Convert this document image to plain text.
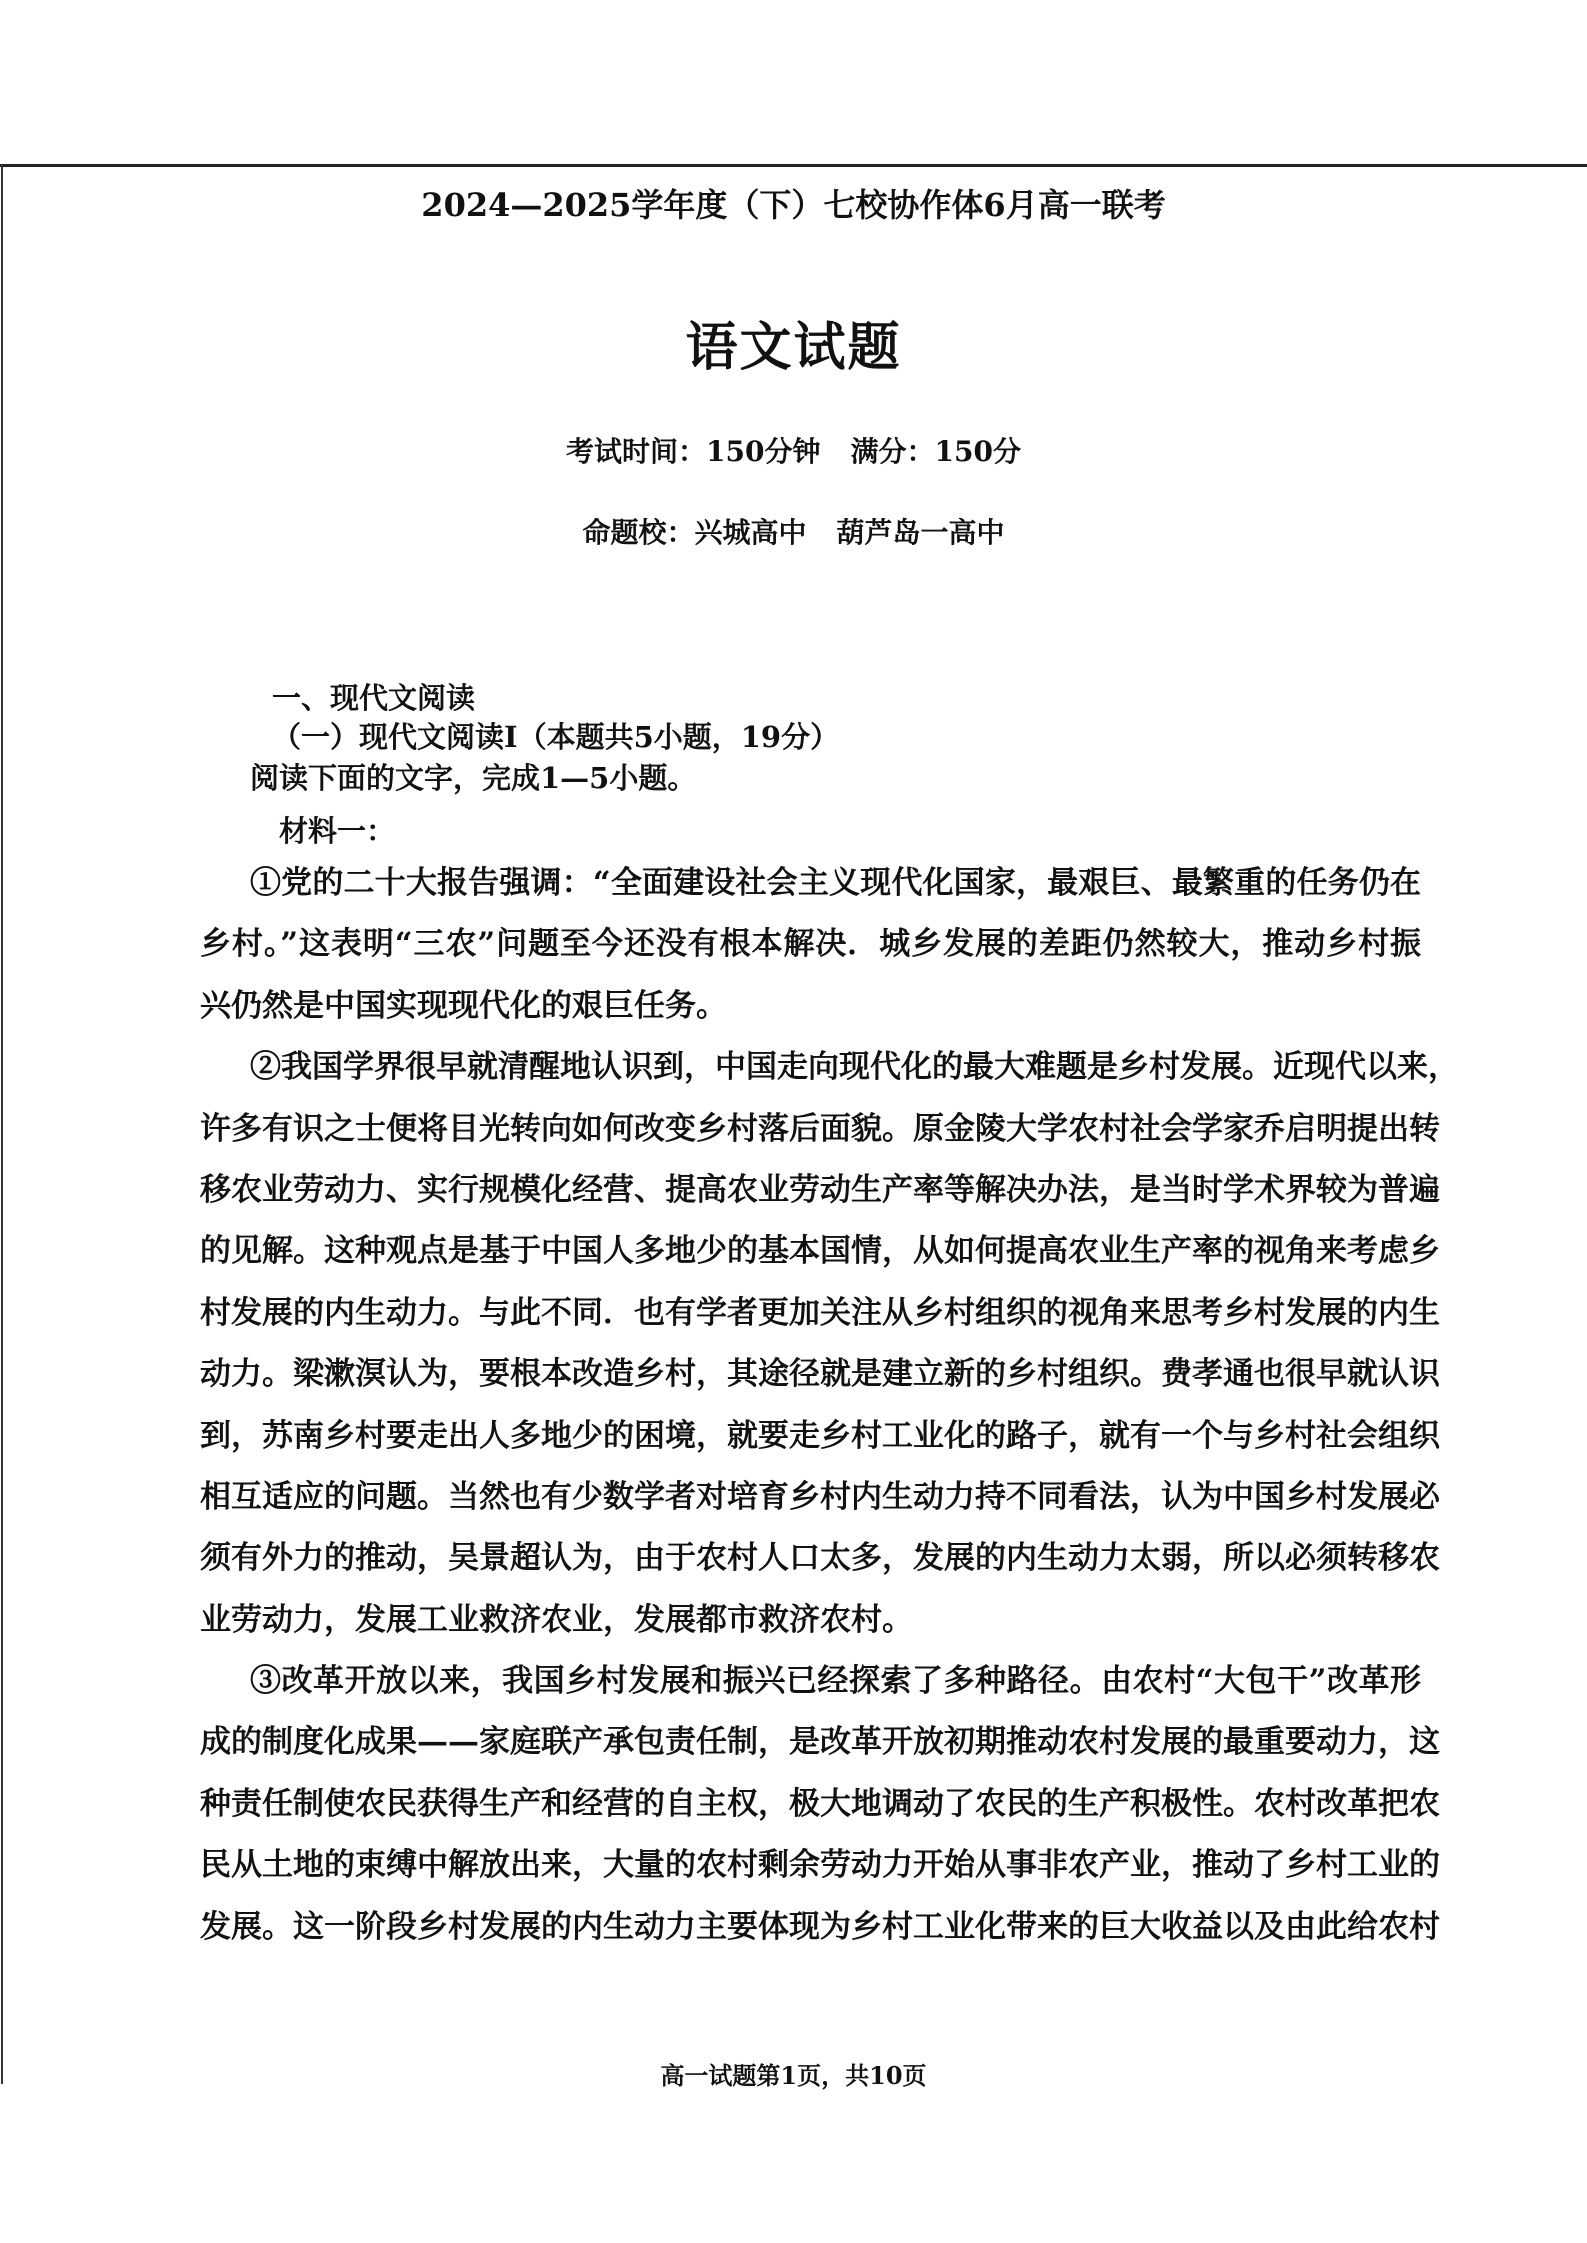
2024—2025学年度（下）七校协作体6月高一联考
语文试题
考试时间：150分钟 满分：150分
命题校：兴城高中 葫芦岛一高中
一、现代文阅读
（一）现代文阅读Ⅰ（本题共5小题，19分）
阅读下面的文字，完成1—5小题。
材料一：
①党的二十大报告强调：“全面建设社会主义现代化国家，最艰巨、最繁重的任务仍在
乡村。”这表明“三农”问题至今还没有根本解决．城乡发展的差距仍然较大，推动乡村振
兴仍然是中国实现现代化的艰巨任务。
②我国学界很早就清醒地认识到，中国走向现代化的最大难题是乡村发展。近现代以来，
许多有识之士便将目光转向如何改变乡村落后面貌。原金陵大学农村社会学家乔启明提出转
移农业劳动力、实行规模化经营、提高农业劳动生产率等解决办法，是当时学术界较为普遍
的见解。这种观点是基于中国人多地少的基本国情，从如何提高农业生产率的视角来考虑乡
村发展的内生动力。与此不同．也有学者更加关注从乡村组织的视角来思考乡村发展的内生
动力。梁漱溟认为，要根本改造乡村，其途径就是建立新的乡村组织。费孝通也很早就认识
到，苏南乡村要走出人多地少的困境，就要走乡村工业化的路子，就有一个与乡村社会组织
相互适应的问题。当然也有少数学者对培育乡村内生动力持不同看法，认为中国乡村发展必
须有外力的推动，吴景超认为，由于农村人口太多，发展的内生动力太弱，所以必须转移农
业劳动力，发展工业救济农业，发展都市救济农村。
③改革开放以来，我国乡村发展和振兴已经探索了多种路径。由农村“大包干”改革形
成的制度化成果——家庭联产承包责任制，是改革开放初期推动农村发展的最重要动力，这
种责任制使农民获得生产和经营的自主权，极大地调动了农民的生产积极性。农村改革把农
民从土地的束缚中解放出来，大量的农村剩余劳动力开始从事非农产业，推动了乡村工业的
发展。这一阶段乡村发展的内生动力主要体现为乡村工业化带来的巨大收益以及由此给农村
高一试题第1页，共10页
